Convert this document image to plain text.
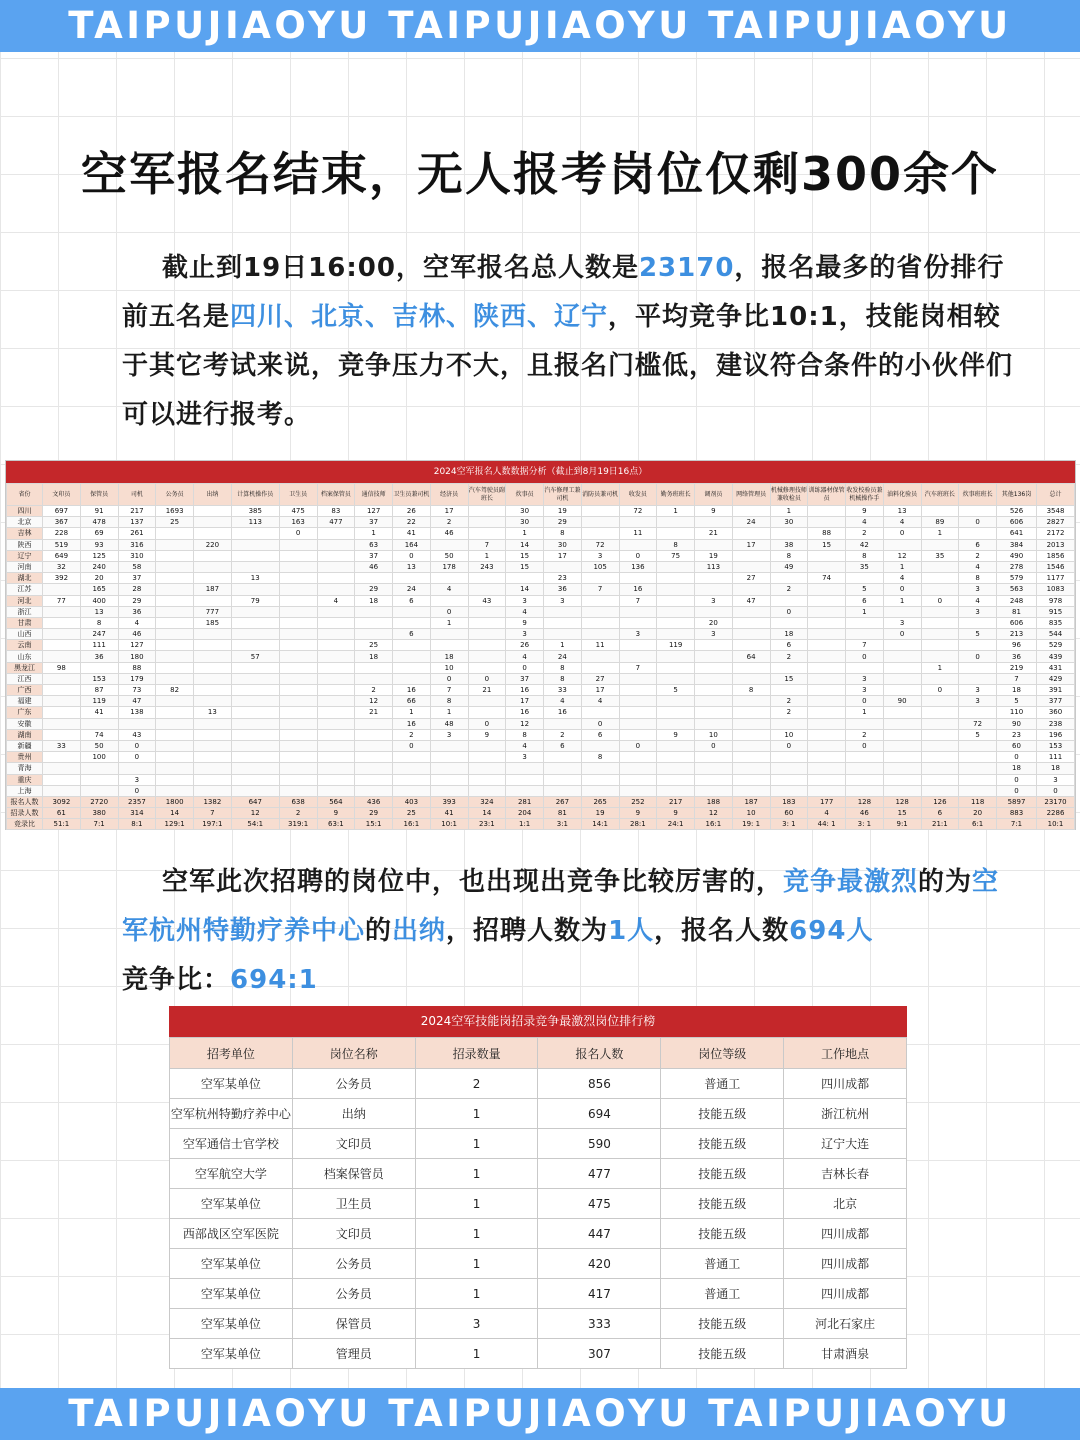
TAIPUJIAOYU TAIPUJIAOYU TAIPUJIAOYU
空军报名结束，无人报考岗位仅剩300余个
截止到19日16:00，空军报名总人数是23170，报名最多的省份排行前五名是四川、北京、吉林、陕西、辽宁，平均竞争比10:1，技能岗相较于其它考试来说，竞争压力不大，且报名门槛低，建议符合条件的小伙伴们可以进行报考。
2024空军报名人数数据分析（截止到8月19日16点）
省份	文印员	保管员	司机	公务员	出纳	计算机操作员	卫生员	档案保管员	通信技师	卫生员兼司机	经济员	汽车驾驶员副班长	炊事员	汽车修理工兼司机	消防员兼司机	收发员	勤务班班长	调剂员	网络管理员	机械修理技师兼收检员	训练器材保管员	收发校验员兼机械操作手	油料化验员	汽车班班长	炊事班班长	其他136岗	总计
四川	697	91	217	1693		385	475	83	127	26	17		30	19		72	1	9		1		9	13			526	3548
北京	367	478	137	25		113	163	477	37	22	2		30	29					24	30		4	4	89	0	606	2827
吉林	228	69	261				0		1	41	46		1	8		11		21			88	2	0	1		641	2172
陕西	519	93	316		220				63	164		7	14	30	72		8		17	38	15	42			6	384	2013
辽宁	649	125	310						37	0	50	1	15	17	3	0	75	19		8		8	12	35	2	490	1856
河南	32	240	58						46	13	178	243	15		105	136		113		49		35	1		4	278	1546
湖北	392	20	37			13								23					27		74		4		8	579	1177
江苏		165	28		187				29	24	4		14	36	7	16				2		5	0		3	563	1083
河北	77	400	29			79		4	18	6		43	3	3		7		3	47			6	1	0	4	248	978
浙江		13	36		777						0		4							0		1			3	81	915
甘肃		8	4		185						1		9					20					3			606	835
山西		247	46							6			3			3		3		18			0		5	213	544
云南		111	127						25				26	1	11		119			6		7				96	529
山东		36	180			57			18		18		4	24					64	2		0			0	36	439
黑龙江	98		88								10		0	8		7								1		219	431
江西		153	179								0	0	37	8	27					15		3				7	429
广西		87	73	82					2	16	7	21	16	33	17		5		8			3		0	3	18	391
福建		119	47						12	66	8		17	4	4					2		0	90		3	5	377
广东		41	138		13				21	1	1		16	16						2		1				110	360
安徽										16	48	0	12		0										72	90	238
湖南		74	43							2	3	9	8	2	6		9	10		10		2			5	23	196
新疆	33	50	0							0			4	6		0		0		0		0				60	153
贵州		100	0										3		8											0	111
青海																										18	18
重庆			3																							0	3
上海			0																							0	0
报名人数	3092	2720	2357	1800	1382	647	638	564	436	403	393	324	281	267	265	252	217	188	187	183	177	128	128	126	118	5897	23170
招录人数	61	380	314	14	7	12	2	9	29	25	41	14	204	81	19	9	9	12	10	60	4	46	15	6	20	883	2286
竞录比	51:1	7:1	8:1	129:1	197:1	54:1	319:1	63:1	15:1	16:1	10:1	23:1	1:1	3:1	14:1	28:1	24:1	16:1	19: 1	3: 1	44: 1	3: 1	9:1	21:1	6:1	7:1	10:1
空军此次招聘的岗位中，也出现出竞争比较厉害的，竞争最激烈的为空军杭州特勤疗养中心的出纳，招聘人数为1人，报名人数694人
竞争比：694:1
2024空军技能岗招录竞争最激烈岗位排行榜
招考单位	岗位名称	招录数量	报名人数	岗位等级	工作地点
空军某单位	公务员	2	856	普通工	四川成都
空军杭州特勤疗养中心	出纳	1	694	技能五级	浙江杭州
空军通信士官学校	文印员	1	590	技能五级	辽宁大连
空军航空大学	档案保管员	1	477	技能五级	吉林长春
空军某单位	卫生员	1	475	技能五级	北京
西部战区空军医院	文印员	1	447	技能五级	四川成都
空军某单位	公务员	1	420	普通工	四川成都
空军某单位	公务员	1	417	普通工	四川成都
空军某单位	保管员	3	333	技能五级	河北石家庄
空军某单位	管理员	1	307	技能五级	甘肃酒泉
TAIPUJIAOYU TAIPUJIAOYU TAIPUJIAOYU
